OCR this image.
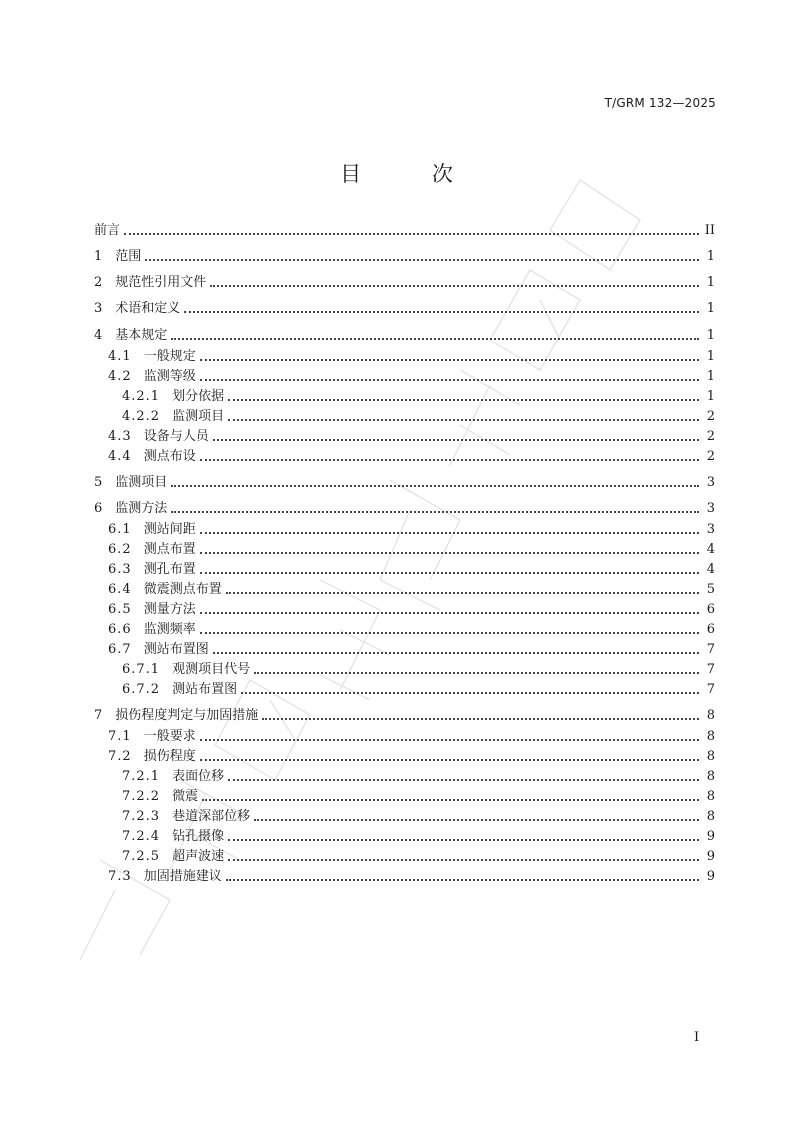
T/GRM 132—2025
目 次
前言	II
1 范围	1
2 规范性引用文件	1
3 术语和定义	1
4 基本规定	1
4.1 一般规定	1
4.2 监测等级	1
4.2.1 划分依据	1
4.2.2 监测项目	2
4.3 设备与人员	2
4.4 测点布设	2
5 监测项目	3
6 监测方法	3
6.1 测站间距	3
6.2 测点布置	4
6.3 测孔布置	4
6.4 微震测点布置	5
6.5 测量方法	6
6.6 监测频率	6
6.7 测站布置图	7
6.7.1 观测项目代号	7
6.7.2 测站布置图	7
7 损伤程度判定与加固措施	8
7.1 一般要求	8
7.2 损伤程度	8
7.2.1 表面位移	8
7.2.2 微震	8
7.2.3 巷道深部位移	8
7.2.4 钻孔摄像	9
7.2.5 超声波速	9
7.3 加固措施建议	9
I
